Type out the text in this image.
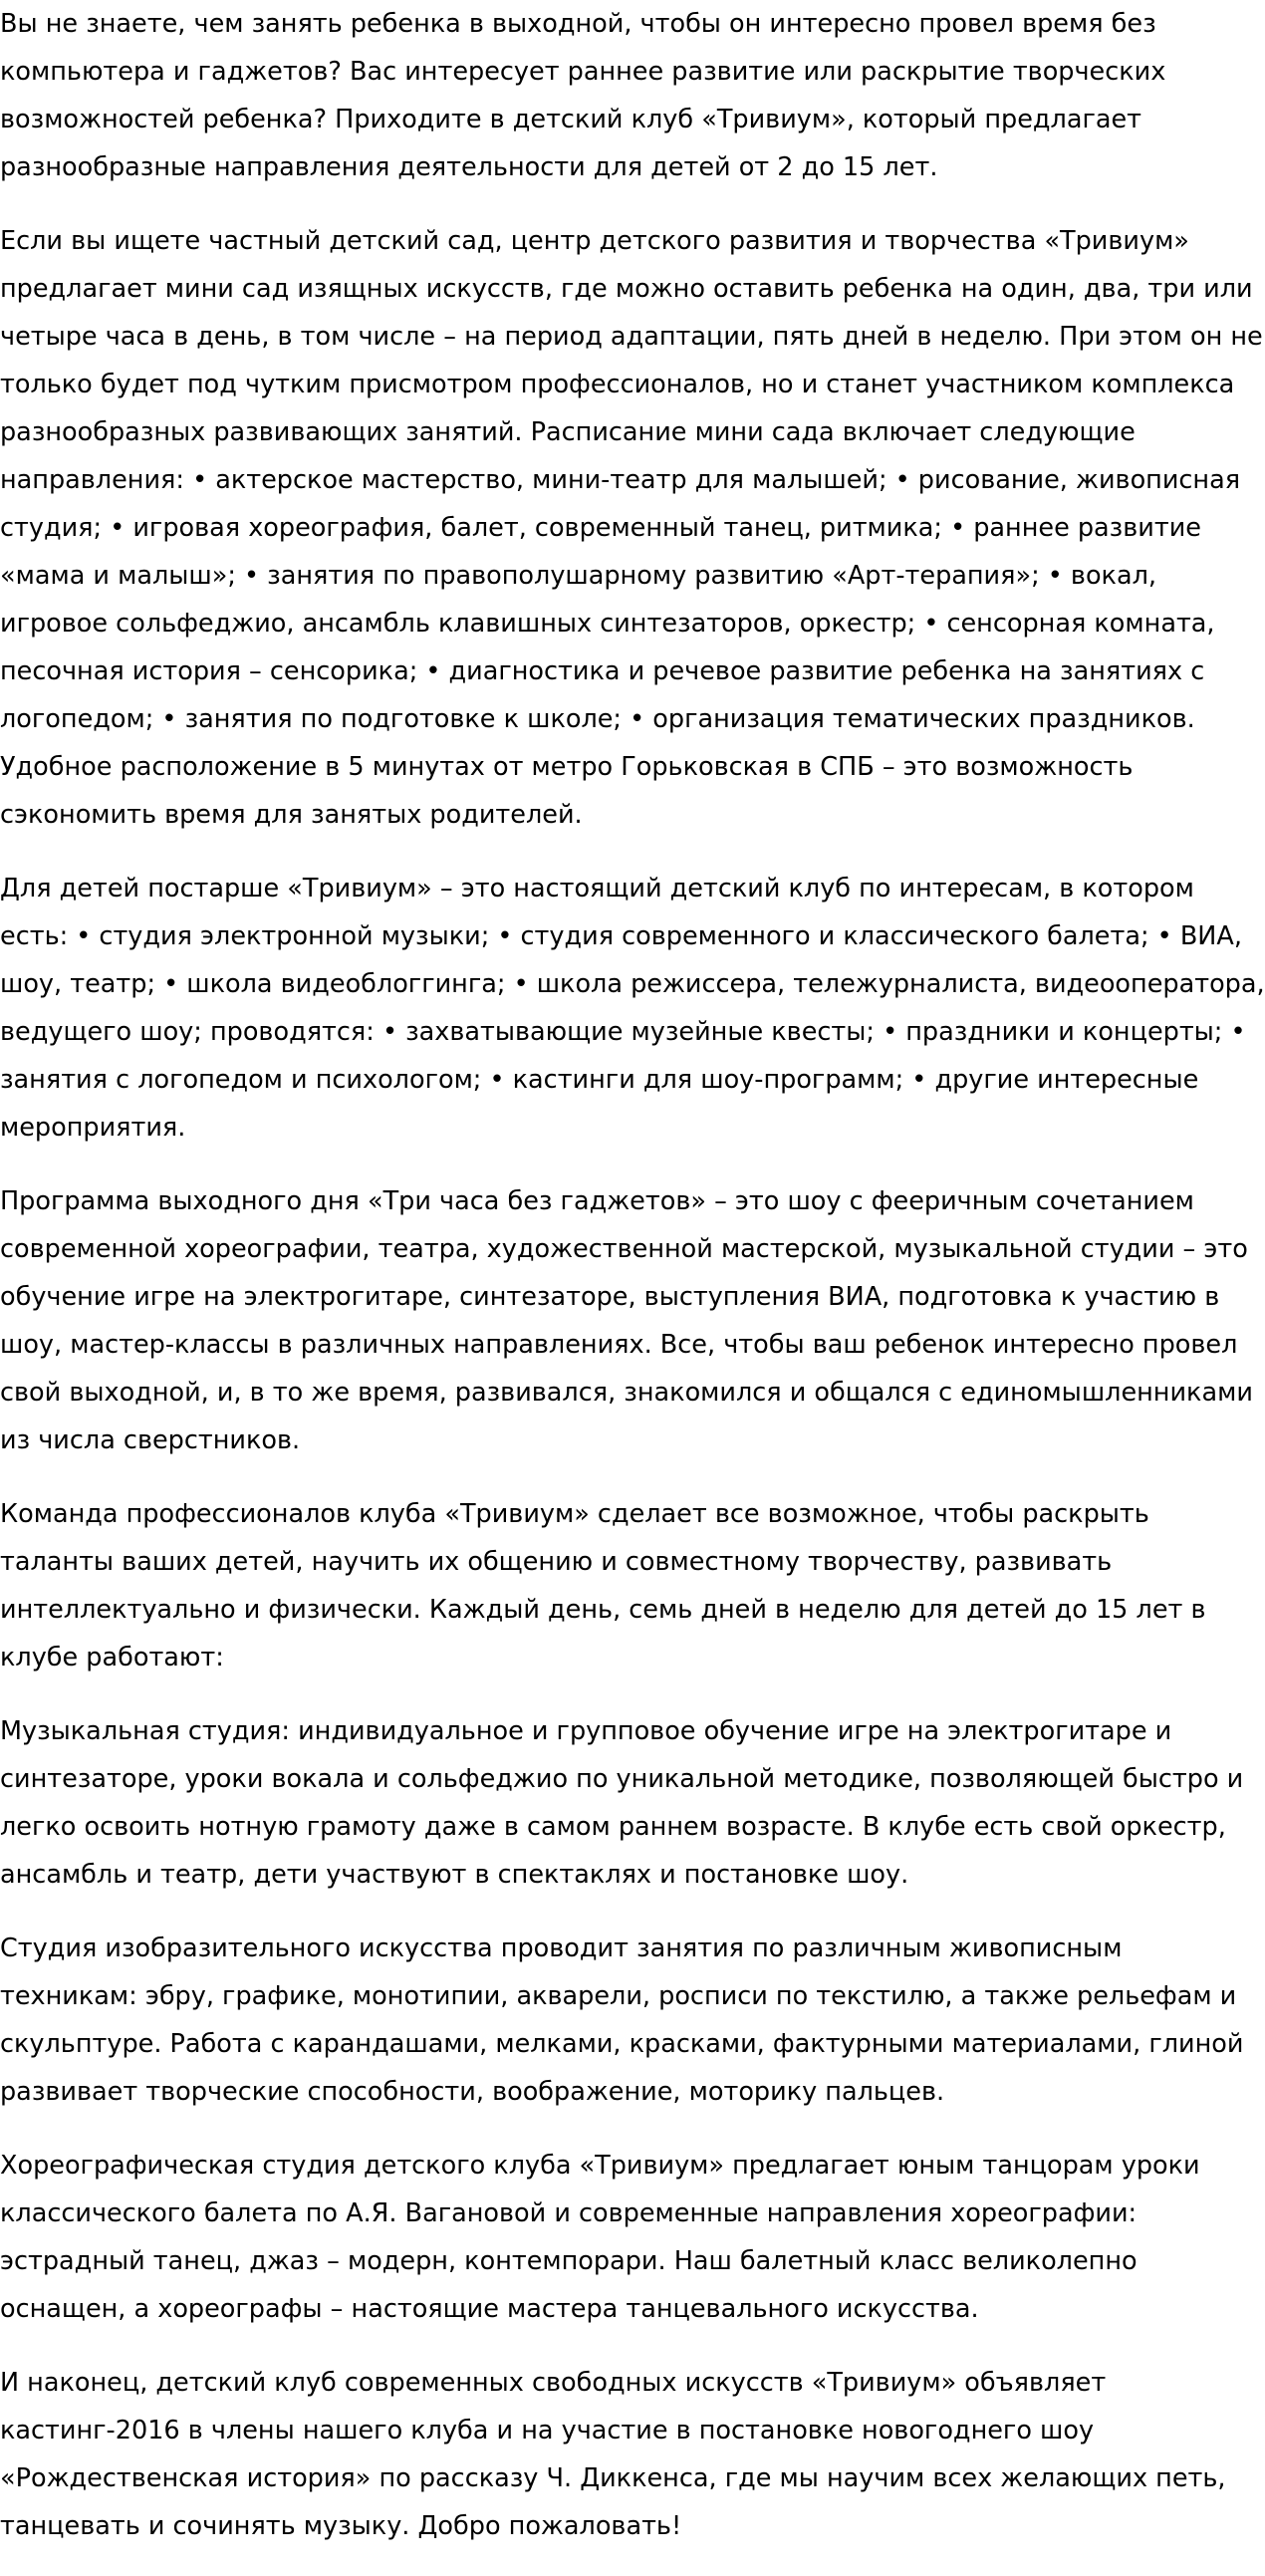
Вы не знаете, чем занять ребенка в выходной, чтобы он интересно провел время без компьютера и гаджетов? Вас интересует раннее развитие или раскрытие творческих возможностей ребенка? Приходите в детский клуб «Тривиум», который предлагает разнообразные направления деятельности для детей от 2 до 15 лет.

Если вы ищете частный детский сад, центр детского развития и творчества «Тривиум» предлагает мини сад изящных искусств, где можно оставить ребенка на один, два, три или четыре часа в день, в том числе – на период адаптации, пять дней в неделю. При этом он не только будет под чутким присмотром профессионалов, но и станет участником комплекса разнообразных развивающих занятий. Расписание мини сада включает следующие направления: • актерское мастерство, мини-театр для малышей; • рисование, живописная студия; • игровая хореография, балет, современный танец, ритмика; • раннее развитие «мама и малыш»; • занятия по правополушарному развитию «Арт-терапия»; • вокал, игровое сольфеджио, ансамбль клавишных синтезаторов, оркестр; • сенсорная комната, песочная история – сенсорика; • диагностика и речевое развитие ребенка на занятиях с логопедом; • занятия по подготовке к школе; • организация тематических праздников. Удобное расположение в 5 минутах от метро Горьковская в СПБ – это возможность сэкономить время для занятых родителей.

Для детей постарше «Тривиум» – это настоящий детский клуб по интересам, в котором есть: • студия электронной музыки; • студия современного и классического балета; • ВИА, шоу, театр; • школа видеоблоггинга; • школа режиссера, тележурналиста, видеооператора, ведущего шоу; проводятся: • захватывающие музейные квесты; • праздники и концерты; • занятия с логопедом и психологом; • кастинги для шоу-программ; • другие интересные мероприятия.

Программа выходного дня «Три часа без гаджетов» – это шоу с фееричным сочетанием современной хореографии, театра, художественной мастерской, музыкальной студии – это обучение игре на электрогитаре, синтезаторе, выступления ВИА, подготовка к участию в шоу, мастер-классы в различных направлениях. Все, чтобы ваш ребенок интересно провел свой выходной, и, в то же время, развивался, знакомился и общался с единомышленниками из числа сверстников.

Команда профессионалов клуба «Тривиум» сделает все возможное, чтобы раскрыть таланты ваших детей, научить их общению и совместному творчеству, развивать интеллектуально и физически. Каждый день, семь дней в неделю для детей до 15 лет в клубе работают:

Музыкальная студия: индивидуальное и групповое обучение игре на электрогитаре и синтезаторе, уроки вокала и сольфеджио по уникальной методике, позволяющей быстро и легко освоить нотную грамоту даже в самом раннем возрасте. В клубе есть свой оркестр, ансамбль и театр, дети участвуют в спектаклях и постановке шоу.

Студия изобразительного искусства проводит занятия по различным живописным техникам: эбру, графике, монотипии, акварели, росписи по текстилю, а также рельефам и скульптуре. Работа с карандашами, мелками, красками, фактурными материалами, глиной развивает творческие способности, воображение, моторику пальцев.

Хореографическая студия детского клуба «Тривиум» предлагает юным танцорам уроки классического балета по А.Я. Вагановой и современные направления хореографии: эстрадный танец, джаз – модерн, контемпорари. Наш балетный класс великолепно оснащен, а хореографы – настоящие мастера танцевального искусства.

И наконец, детский клуб современных свободных искусств «Тривиум» объявляет кастинг-2016 в члены нашего клуба и на участие в постановке новогоднего шоу «Рождественская история» по рассказу Ч. Диккенса, где мы научим всех желающих петь, танцевать и сочинять музыку. Добро пожаловать!
